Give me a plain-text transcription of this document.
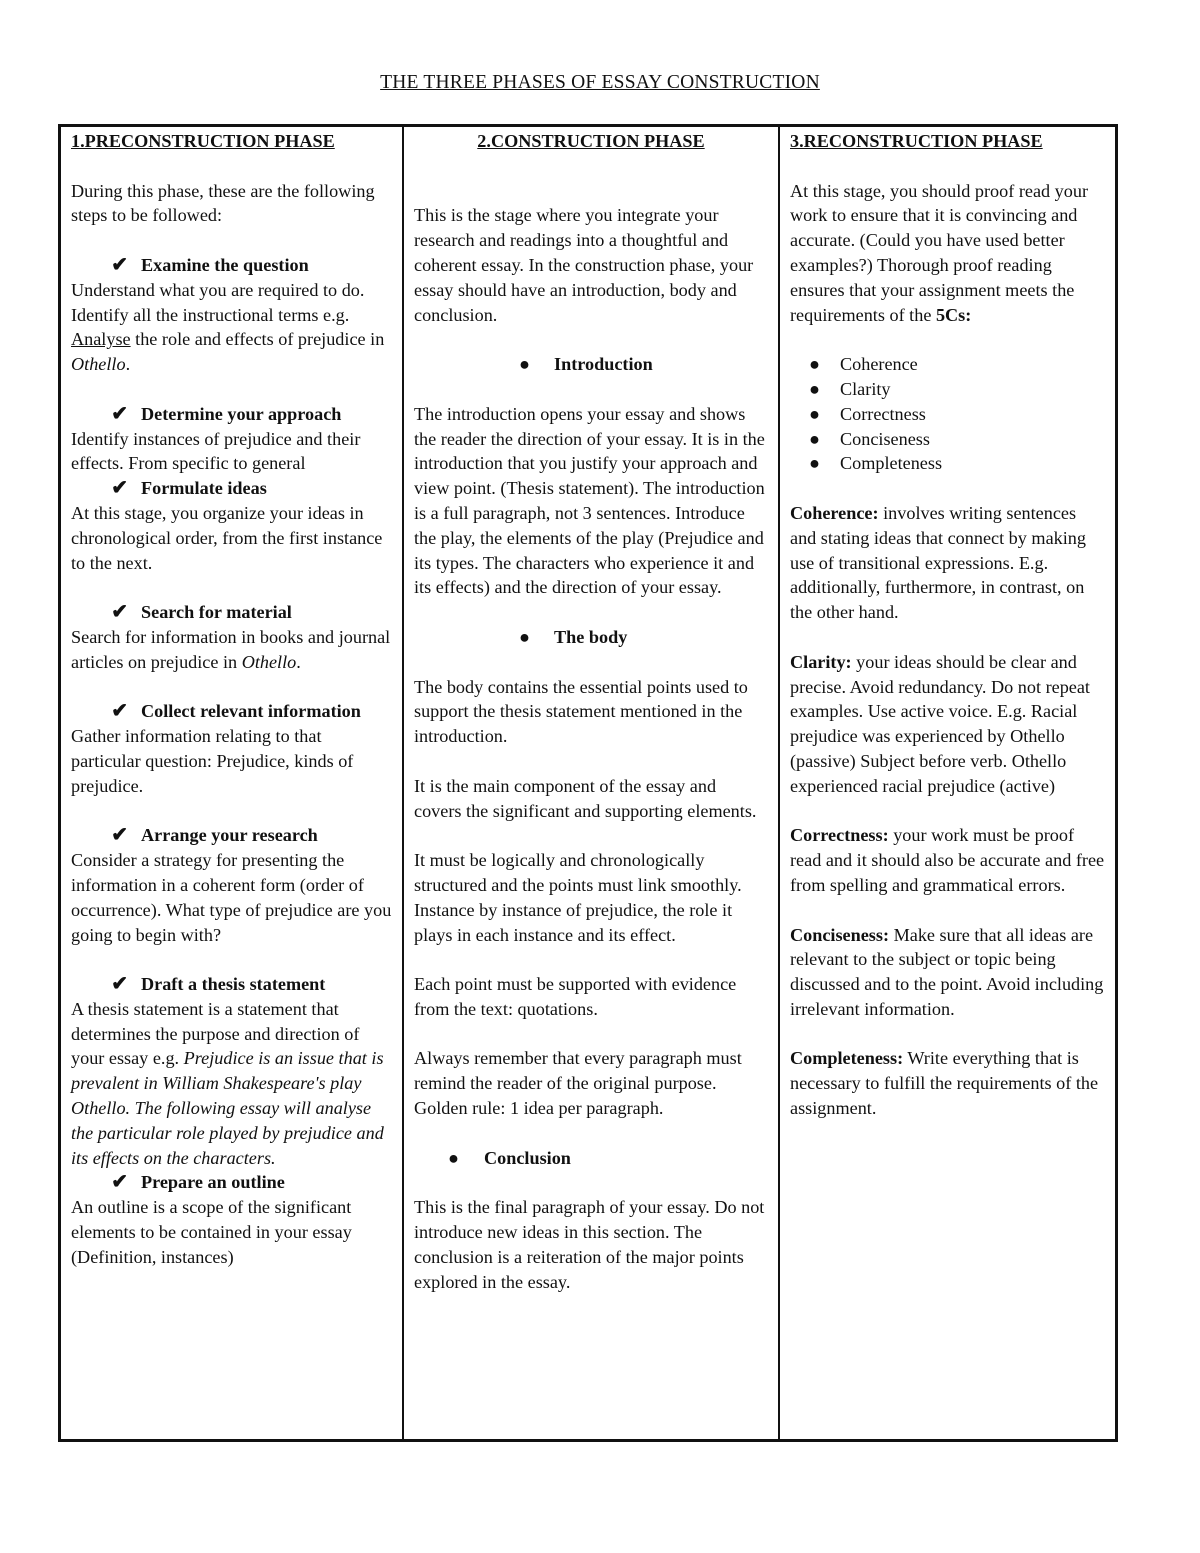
THE THREE PHASES OF ESSAY CONSTRUCTION

1.PRECONSTRUCTION PHASE

During this phase, these are the following steps to be followed:

✔ Examine the question

Understand what you are required to do. Identify all the instructional terms e.g. Analyse the role and effects of prejudice in Othello.

✔ Determine your approach

Identify instances of prejudice and their effects. From specific to general

✔ Formulate ideas

At this stage, you organize your ideas in chronological order, from the first instance to the next.

✔ Search for material

Search for information in books and journal articles on prejudice in Othello.

✔ Collect relevant information

Gather information relating to that particular question: Prejudice, kinds of prejudice.

✔ Arrange your research

Consider a strategy for presenting the information in a coherent form (order of occurrence). What type of prejudice are you going to begin with?

✔ Draft a thesis statement

A thesis statement is a statement that determines the purpose and direction of your essay e.g. Prejudice is an issue that is prevalent in William Shakespeare's play Othello. The following essay will analyse the particular role played by prejudice and its effects on the characters.

✔ Prepare an outline

An outline is a scope of the significant elements to be contained in your essay (Definition, instances)

2.CONSTRUCTION PHASE

This is the stage where you integrate your research and readings into a thoughtful and coherent essay. In the construction phase, your essay should have an introduction, body and conclusion.

●	Introduction

The introduction opens your essay and shows the reader the direction of your essay. It is in the introduction that you justify your approach and view point. (Thesis statement). The introduction is a full paragraph, not 3 sentences. Introduce the play, the elements of the play (Prejudice and its types. The characters who experience it and its effects) and the direction of your essay.

●	The body

The body contains the essential points used to support the thesis statement mentioned in the introduction.

It is the main component of the essay and covers the significant and supporting elements.

It must be logically and chronologically structured and the points must link smoothly. Instance by instance of prejudice, the role it plays in each instance and its effect.

Each point must be supported with evidence from the text: quotations.

Always remember that every paragraph must remind the reader of the original purpose. Golden rule: 1 idea per paragraph.

●	Conclusion

This is the final paragraph of your essay. Do not introduce new ideas in this section. The conclusion is a reiteration of the major points explored in the essay.

3.RECONSTRUCTION PHASE

At this stage, you should proof read your work to ensure that it is convincing and accurate. (Could you have used better examples?) Thorough proof reading ensures that your assignment meets the requirements of the 5Cs:

●	Coherence
●	Clarity
●	Correctness
●	Conciseness
●	Completeness

Coherence: involves writing sentences and stating ideas that connect by making use of transitional expressions. E.g. additionally, furthermore, in contrast, on the other hand.

Clarity: your ideas should be clear and precise. Avoid redundancy. Do not repeat examples. Use active voice. E.g. Racial prejudice was experienced by Othello (passive) Subject before verb. Othello experienced racial prejudice (active)

Correctness: your work must be proof read and it should also be accurate and free from spelling and grammatical errors.

Conciseness: Make sure that all ideas are relevant to the subject or topic being discussed and to the point. Avoid including irrelevant information.

Completeness: Write everything that is necessary to fulfill the requirements of the assignment.
